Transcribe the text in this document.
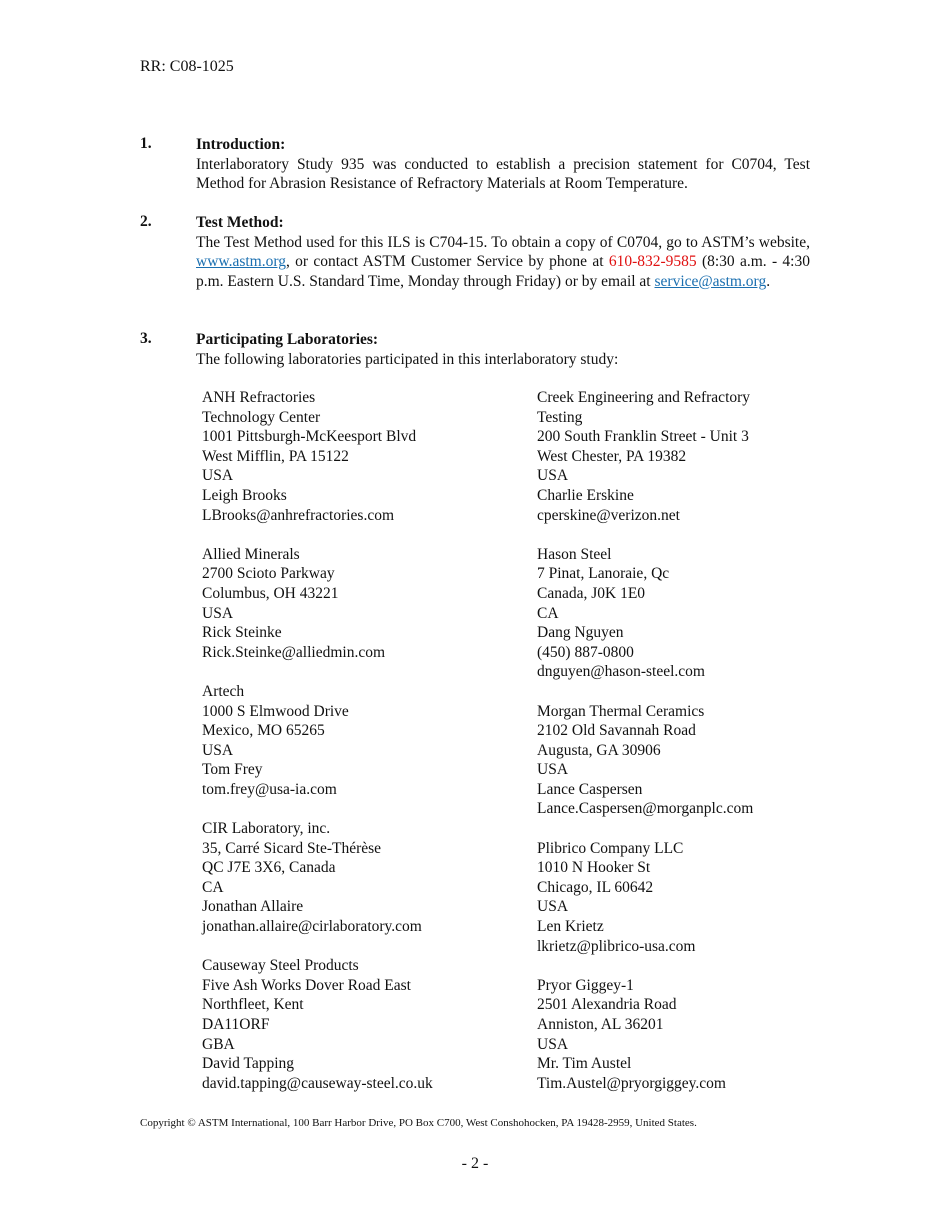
RR: C08-1025
1.	Introduction:
Interlaboratory Study 935 was conducted to establish a precision statement for C0704, Test Method for Abrasion Resistance of Refractory Materials at Room Temperature.
2.	Test Method:
The Test Method used for this ILS is C704-15. To obtain a copy of C0704, go to ASTM’s website, www.astm.org, or contact ASTM Customer Service by phone at 610-832-9585 (8:30 a.m. - 4:30 p.m. Eastern U.S. Standard Time, Monday through Friday) or by email at service@astm.org.
3.	Participating Laboratories:
The following laboratories participated in this interlaboratory study:
ANH Refractories
Technology Center
1001 Pittsburgh-McKeesport Blvd
West Mifflin, PA 15122
USA
Leigh Brooks
LBrooks@anhrefractories.com
Allied Minerals
2700 Scioto Parkway
Columbus, OH 43221
USA
Rick Steinke
Rick.Steinke@alliedmin.com
Artech
1000 S Elmwood Drive
Mexico, MO 65265
USA
Tom Frey
tom.frey@usa-ia.com
CIR Laboratory, inc.
35, Carré Sicard Ste-Thérèse
QC J7E 3X6, Canada
CA
Jonathan Allaire
jonathan.allaire@cirlaboratory.com
Causeway Steel Products
Five Ash Works Dover Road East
Northfleet, Kent
DA11ORF
GBA
David Tapping
david.tapping@causeway-steel.co.uk
Creek Engineering and Refractory
Testing
200 South Franklin Street - Unit 3
West Chester, PA 19382
USA
Charlie Erskine
cperskine@verizon.net
Hason Steel
7 Pinat, Lanoraie, Qc
Canada, J0K 1E0
CA
Dang Nguyen
(450) 887-0800
dnguyen@hason-steel.com
Morgan Thermal Ceramics
2102 Old Savannah Road
Augusta, GA 30906
USA
Lance Caspersen
Lance.Caspersen@morganplc.com
Plibrico Company LLC
1010 N Hooker St
Chicago, IL 60642
USA
Len Krietz
lkrietz@plibrico-usa.com
Pryor Giggey-1
2501 Alexandria Road
Anniston, AL 36201
USA
Mr. Tim Austel
Tim.Austel@pryorgiggey.com
Copyright © ASTM International, 100 Barr Harbor Drive, PO Box C700, West Conshohocken, PA 19428-2959, United States.
- 2 -
